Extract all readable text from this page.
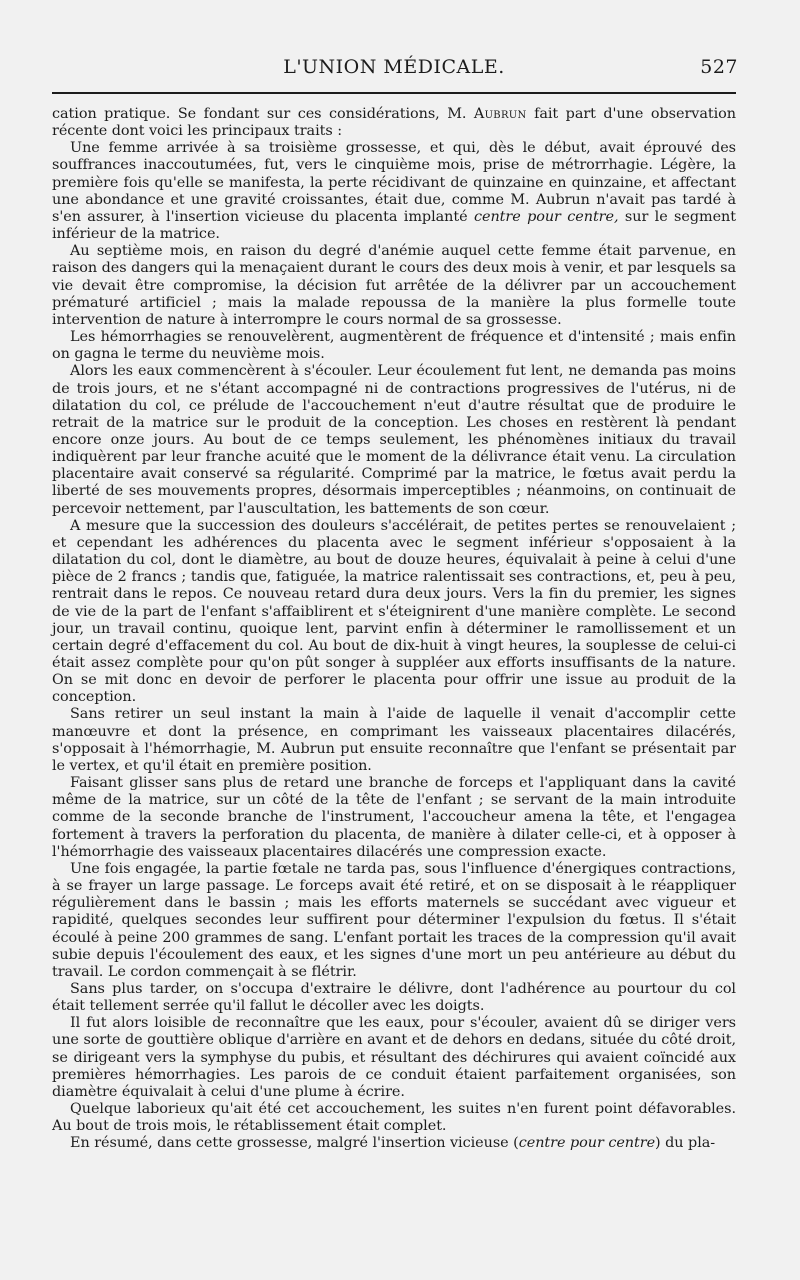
L'UNION MÉDICALE.	527

cation pratique. Se fondant sur ces considérations, M. Aubrun fait part d'une observation récente dont voici les principaux traits :

Une femme arrivée à sa troisième grossesse, et qui, dès le début, avait éprouvé des souffrances inaccoutumées, fut, vers le cinquième mois, prise de métrorrhagie. Légère, la première fois qu'elle se manifesta, la perte récidivant de quinzaine en quinzaine, et affectant une abondance et une gravité croissantes, était due, comme M. Aubrun n'avait pas tardé à s'en assurer, à l'insertion vicieuse du placenta implanté centre pour centre, sur le segment inférieur de la matrice.

Au septième mois, en raison du degré d'anémie auquel cette femme était parvenue, en raison des dangers qui la menaçaient durant le cours des deux mois à venir, et par lesquels sa vie devait être compromise, la décision fut arrêtée de la délivrer par un accouchement prématuré artificiel ; mais la malade repoussa de la manière la plus formelle toute intervention de nature à interrompre le cours normal de sa grossesse.

Les hémorrhagies se renouvelèrent, augmentèrent de fréquence et d'intensité ; mais enfin on gagna le terme du neuvième mois.

Alors les eaux commencèrent à s'écouler. Leur écoulement fut lent, ne demanda pas moins de trois jours, et ne s'étant accompagné ni de contractions progressives de l'utérus, ni de dilatation du col, ce prélude de l'accouchement n'eut d'autre résultat que de produire le retrait de la matrice sur le produit de la conception. Les choses en restèrent là pendant encore onze jours. Au bout de ce temps seulement, les phénomènes initiaux du travail indiquèrent par leur franche acuité que le moment de la délivrance était venu. La circulation placentaire avait conservé sa régularité. Comprimé par la matrice, le fœtus avait perdu la liberté de ses mouvements propres, désormais imperceptibles ; néanmoins, on continuait de percevoir nettement, par l'auscultation, les battements de son cœur.

A mesure que la succession des douleurs s'accélérait, de petites pertes se renouvelaient ; et cependant les adhérences du placenta avec le segment inférieur s'opposaient à la dilatation du col, dont le diamètre, au bout de douze heures, équivalait à peine à celui d'une pièce de 2 francs ; tandis que, fatiguée, la matrice ralentissait ses contractions, et, peu à peu, rentrait dans le repos. Ce nouveau retard dura deux jours. Vers la fin du premier, les signes de vie de la part de l'enfant s'affaiblirent et s'éteignirent d'une manière complète. Le second jour, un travail continu, quoique lent, parvint enfin à déterminer le ramollissement et un certain degré d'effacement du col. Au bout de dix-huit à vingt heures, la souplesse de celui-ci était assez complète pour qu'on pût songer à suppléer aux efforts insuffisants de la nature. On se mit donc en devoir de perforer le placenta pour offrir une issue au produit de la conception.

Sans retirer un seul instant la main à l'aide de laquelle il venait d'accomplir cette manœuvre et dont la présence, en comprimant les vaisseaux placentaires dilacérés, s'opposait à l'hémorrhagie, M. Aubrun put ensuite reconnaître que l'enfant se présentait par le vertex, et qu'il était en première position.

Faisant glisser sans plus de retard une branche de forceps et l'appliquant dans la cavité même de la matrice, sur un côté de la tête de l'enfant ; se servant de la main introduite comme de la seconde branche de l'instrument, l'accoucheur amena la tête, et l'engagea fortement à travers la perforation du placenta, de manière à dilater celle-ci, et à opposer à l'hémorrhagie des vaisseaux placentaires dilacérés une compression exacte.

Une fois engagée, la partie fœtale ne tarda pas, sous l'influence d'énergiques contractions, à se frayer un large passage. Le forceps avait été retiré, et on se disposait à le réappliquer régulièrement dans le bassin ; mais les efforts maternels se succédant avec vigueur et rapidité, quelques secondes leur suffirent pour déterminer l'expulsion du fœtus. Il s'était écoulé à peine 200 grammes de sang. L'enfant portait les traces de la compression qu'il avait subie depuis l'écoulement des eaux, et les signes d'une mort un peu antérieure au début du travail. Le cordon commençait à se flétrir.

Sans plus tarder, on s'occupa d'extraire le délivre, dont l'adhérence au pourtour du col était tellement serrée qu'il fallut le décoller avec les doigts.

Il fut alors loisible de reconnaître que les eaux, pour s'écouler, avaient dû se diriger vers une sorte de gouttière oblique d'arrière en avant et de dehors en dedans, située du côté droit, se dirigeant vers la symphyse du pubis, et résultant des déchirures qui avaient coïncidé aux premières hémorrhagies. Les parois de ce conduit étaient parfaitement organisées, son diamètre équivalait à celui d'une plume à écrire.

Quelque laborieux qu'ait été cet accouchement, les suites n'en furent point défavorables. Au bout de trois mois, le rétablissement était complet.

En résumé, dans cette grossesse, malgré l'insertion vicieuse (centre pour centre) du pla-
